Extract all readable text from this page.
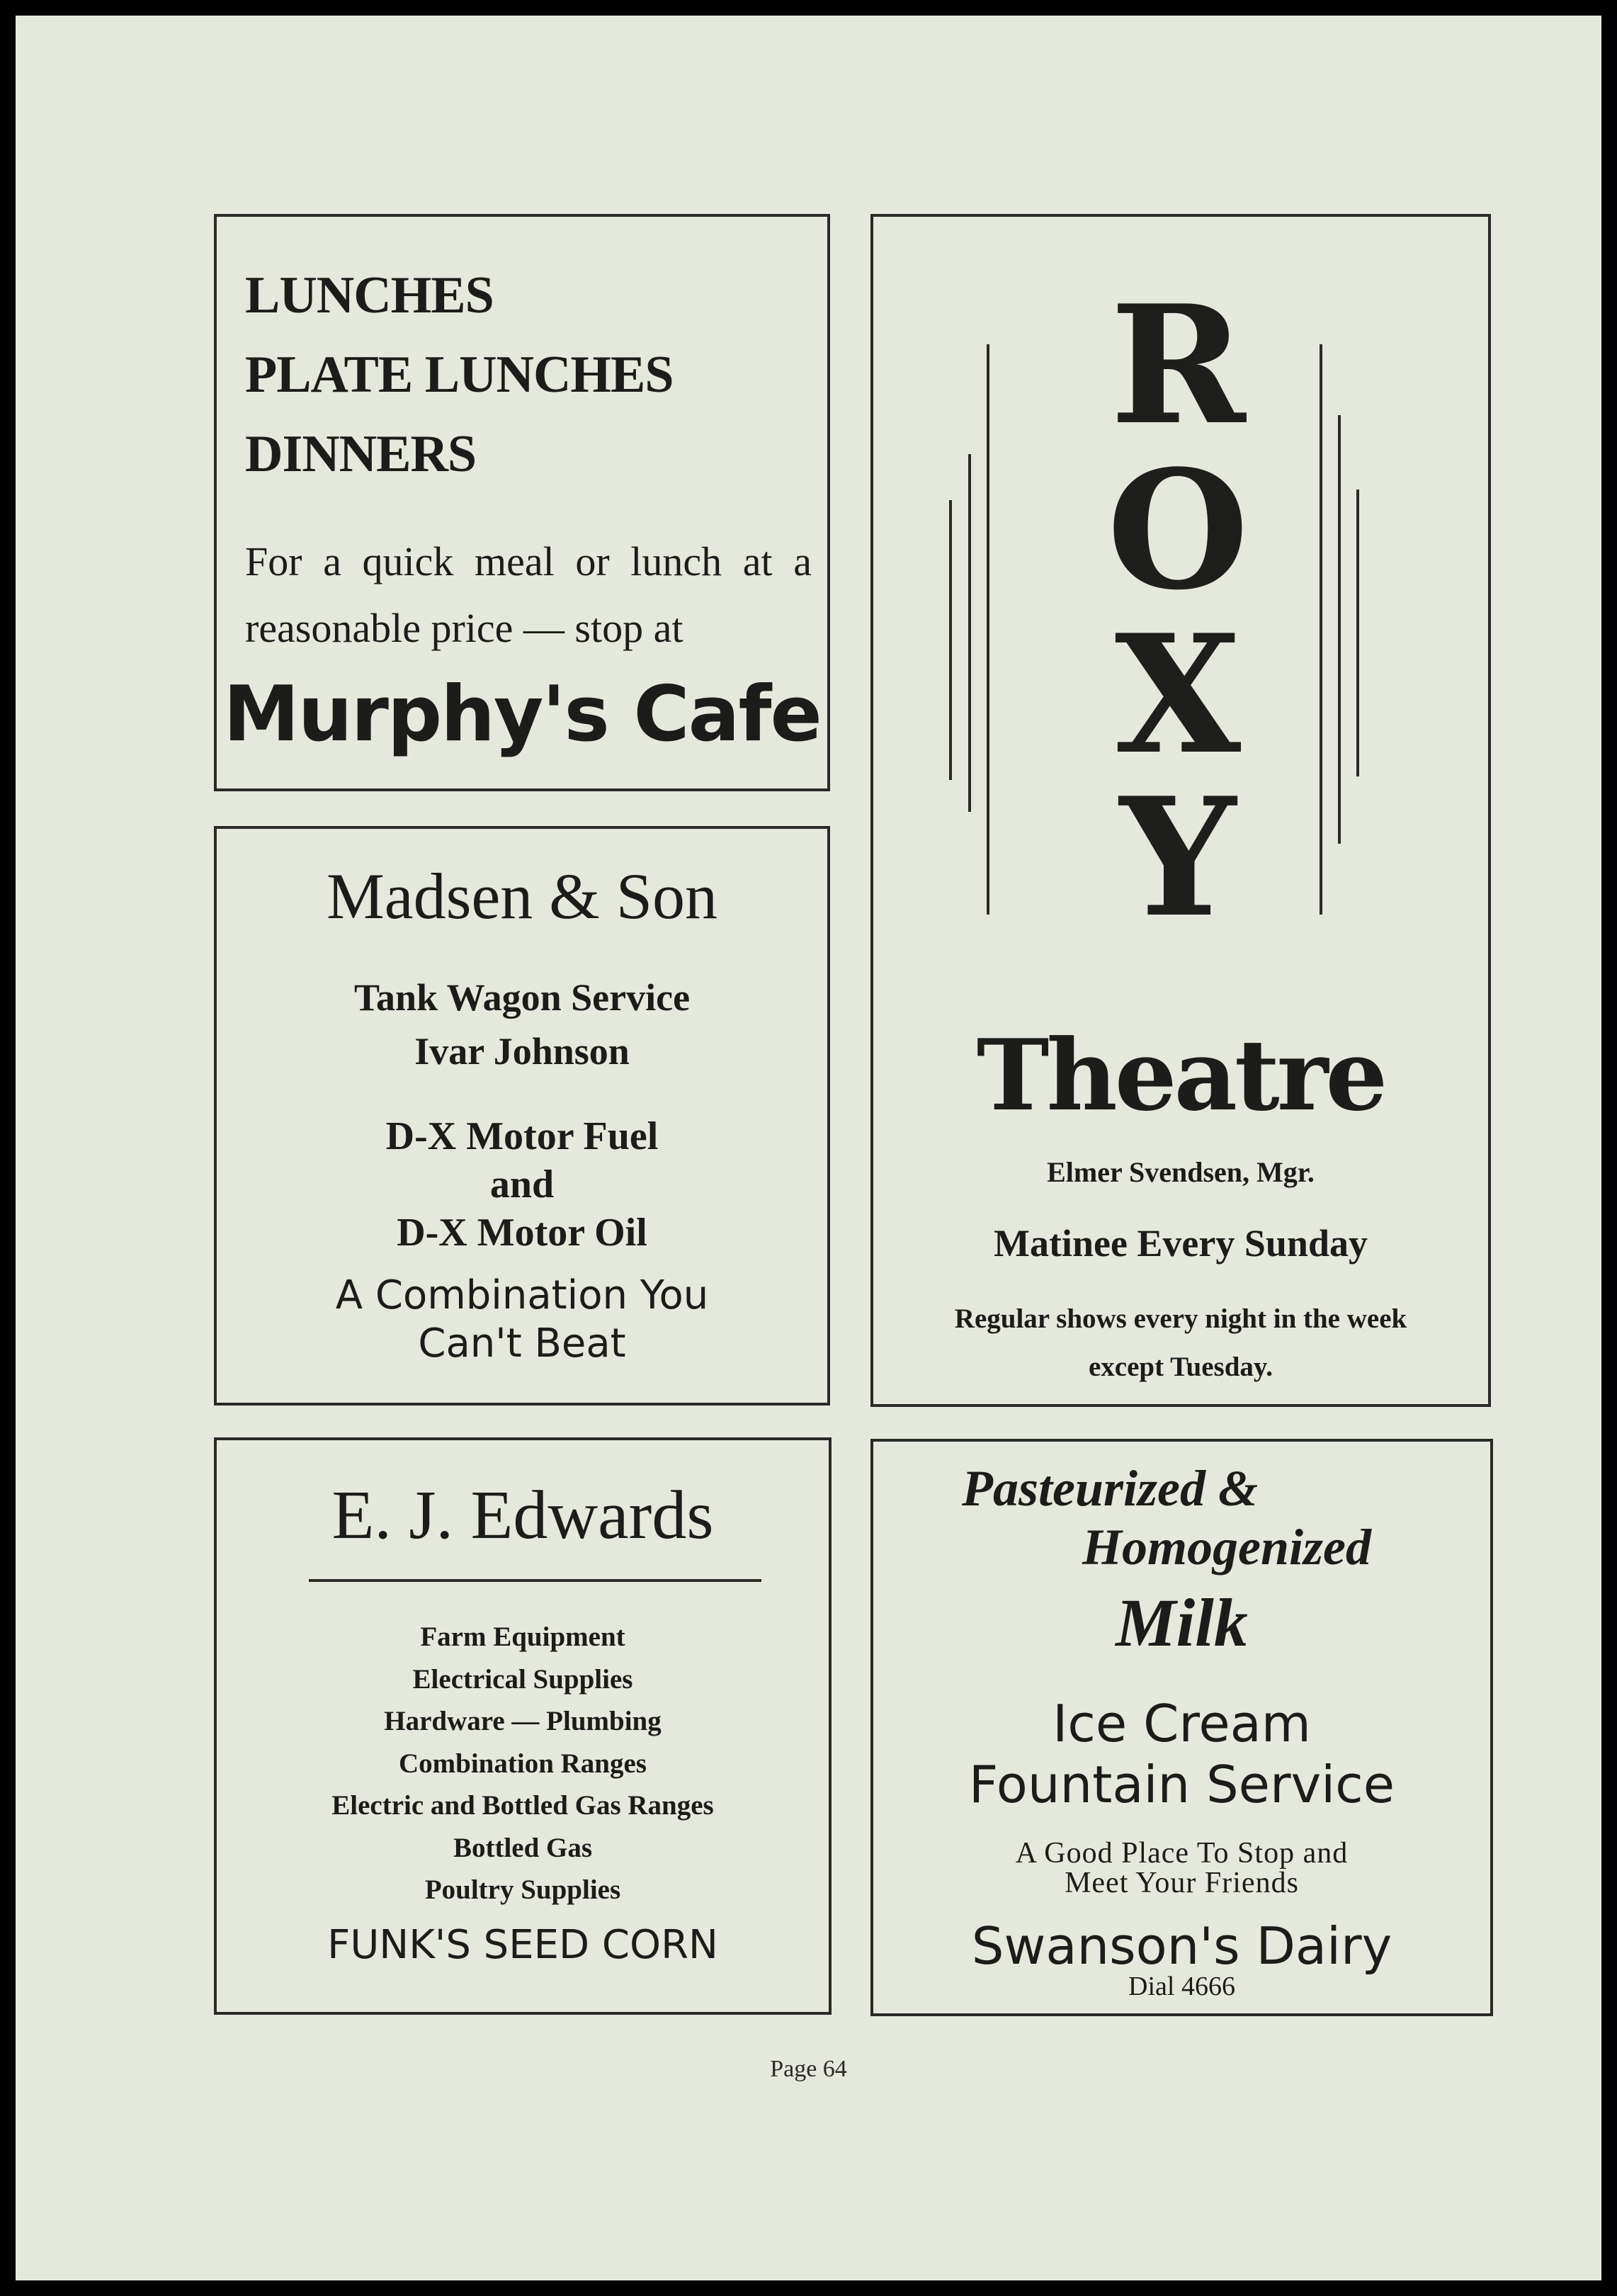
LUNCHES
PLATE LUNCHES
DINNERS
For a quick meal or lunch at a reasonable price — stop at
Murphy's Cafe
Madsen & Son
Tank Wagon Service
Ivar Johnson
D-X Motor Fuel
and
D-X Motor Oil
A Combination You
Can't Beat
E. J. Edwards
Farm Equipment
Electrical Supplies
Hardware — Plumbing
Combination Ranges
Electric and Bottled Gas Ranges
Bottled Gas
Poultry Supplies
FUNK'S SEED CORN
R
O
X
Y
Theatre
Elmer Svendsen, Mgr.
Matinee Every Sunday
Regular shows every night in the week
except Tuesday.
Pasteurized &
Homogenized
Milk
Ice Cream
Fountain Service
A Good Place To Stop and
Meet Your Friends
Swanson's Dairy
Dial 4666
Page 64
